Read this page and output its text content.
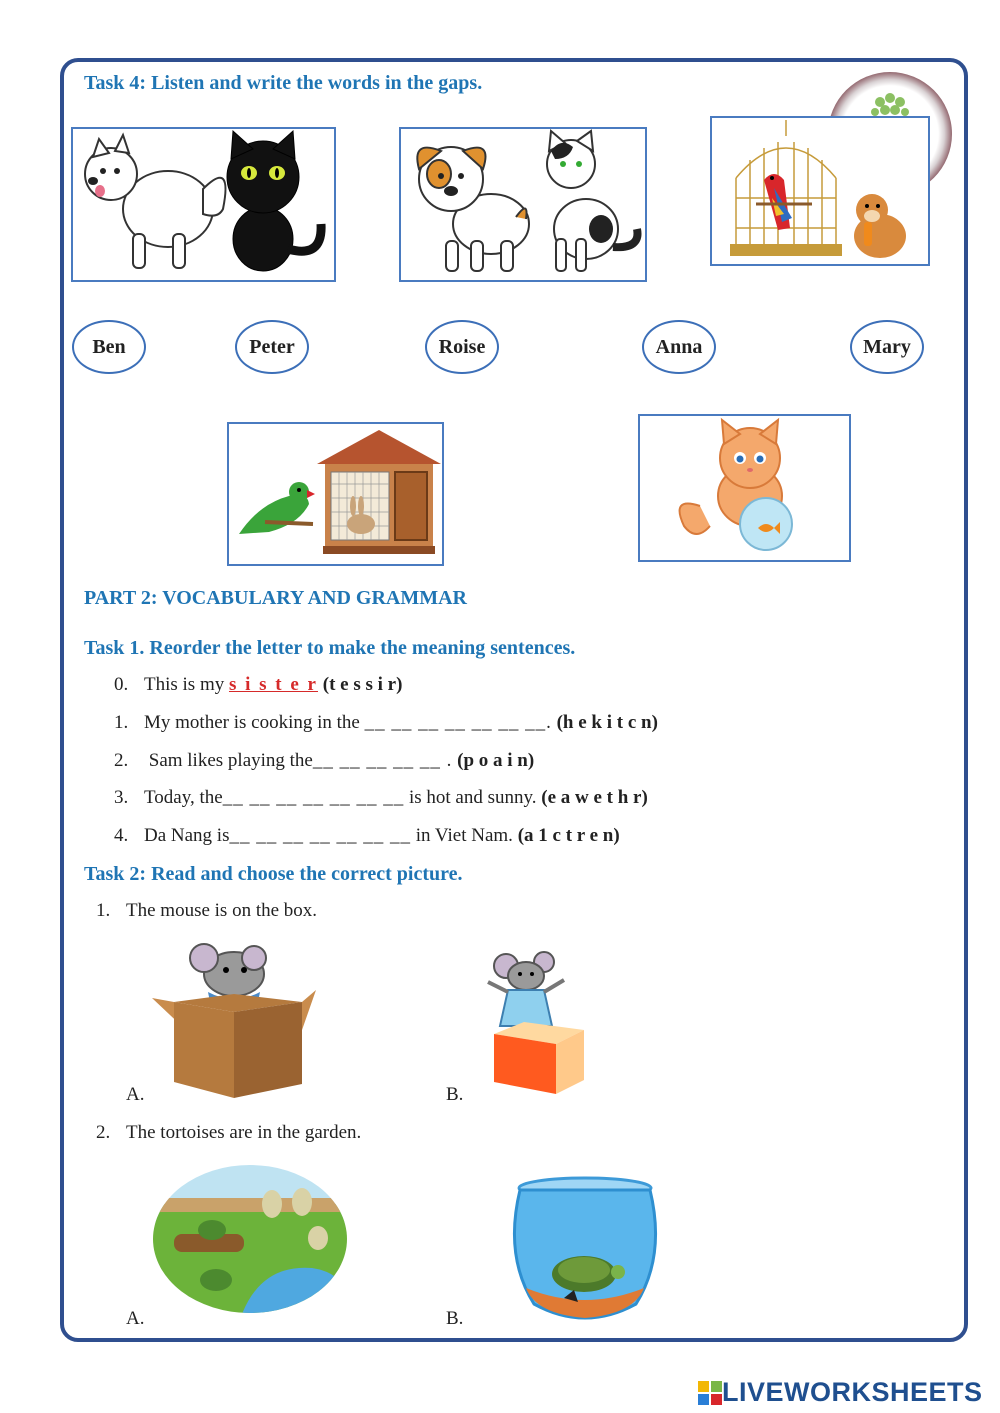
Task 4: Listen and write the words in the gaps.
Ben	Peter	Roise	Anna	Mary
PART 2: VOCABULARY AND GRAMMAR
Task 1. Reorder the letter to make the meaning sentences.
0. This is my s i s t e r (t e s s i r)
1. My mother is cooking in the __ __ __ __ __ __ __. (h e k i t c n)
2. Sam likes playing the__ __ __ __ __ . (p o a i n)
3. Today, the__ __ __ __ __ __ __ is hot and sunny. (e a w e t h r)
4. Da Nang is__ __ __ __ __ __ __ in Viet Nam. (a 1 c t r e n)
Task 2: Read and choose the correct picture.
1. The mouse is on the box.
A.	B.
2. The tortoises are in the garden.
A.	B.
LIVEWORKSHEETS
